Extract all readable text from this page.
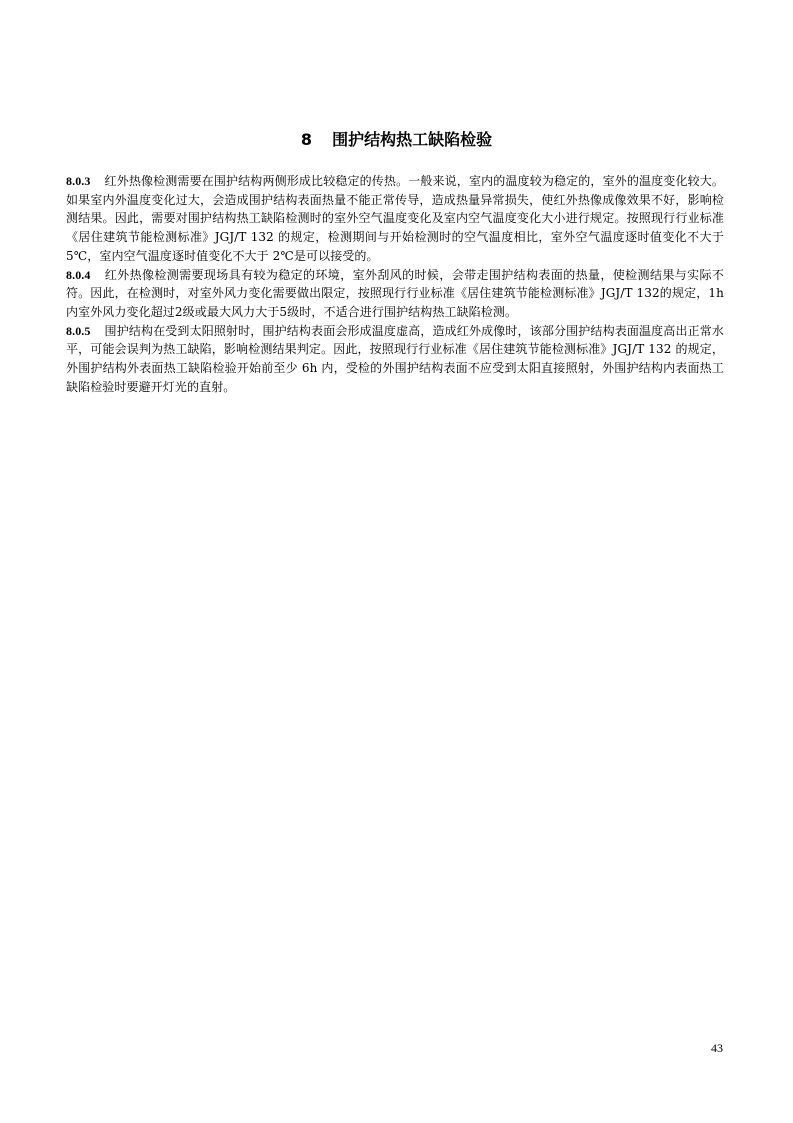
8 围护结构热工缺陷检验

8.0.3 红外热像检测需要在围护结构两侧形成比较稳定的传热。一般来说，室内的温度较为稳定的，室外的温度变化较大。如果室内外温度变化过大，会造成围护结构表面热量不能正常传导，造成热量异常损失，使红外热像成像效果不好，影响检测结果。因此，需要对围护结构热工缺陷检测时的室外空气温度变化及室内空气温度变化大小进行规定。按照现行行业标准《居住建筑节能检测标准》JGJ/T 132 的规定，检测期间与开始检测时的空气温度相比，室外空气温度逐时值变化不大于 5℃，室内空气温度逐时值变化不大于 2℃是可以接受的。

8.0.4 红外热像检测需要现场具有较为稳定的环境，室外刮风的时候，会带走围护结构表面的热量，使检测结果与实际不符。因此，在检测时，对室外风力变化需要做出限定，按照现行行业标准《居住建筑节能检测标准》JGJ/T 132的规定，1h内室外风力变化超过2级或最大风力大于5级时，不适合进行围护结构热工缺陷检测。

8.0.5 围护结构在受到太阳照射时，围护结构表面会形成温度虚高，造成红外成像时，该部分围护结构表面温度高出正常水平，可能会误判为热工缺陷，影响检测结果判定。因此，按照现行行业标准《居住建筑节能检测标准》JGJ/T 132 的规定，外围护结构外表面热工缺陷检验开始前至少 6h 内，受检的外围护结构表面不应受到太阳直接照射，外围护结构内表面热工缺陷检验时要避开灯光的直射。

43
